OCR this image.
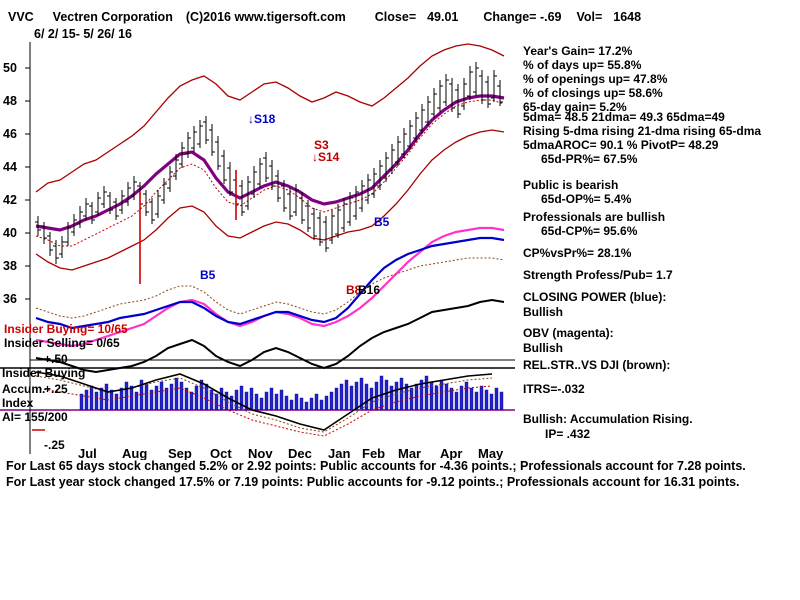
VVC Vectren Corporation (C)2016 www.tigersoft.com Close= 49.01 Change= -.69 Vol= 1648
6/ 2/ 15- 5/ 26/ 16
50
48
46
44
42
40
38
36
Jul Aug Sep Oct Nov Dec Jan Feb Mar Apr May
Insider Buying= 10/65
Insider Selling= 0/65
+.50
Insider Buying
Accum.
+.25
Index
AI= 155/200
-.25
↓S18
S3
↓S14
B5
B5
B8
B16
Year's Gain= 17.2%
% of days up= 55.8%
% of openings up= 47.8%
% of closings up= 58.6%
65-day gain= 5.2%
5dma= 48.5 21dma= 49.3 65dma=49
Rising 5-dma rising 21-dma rising 65-dma
5dmaAROC= 90.1 % PivotP= 48.29
65d-PR%= 67.5%
Public is bearish
65d-OP%= 5.4%
Professionals are bullish
65d-CP%= 95.6%
CP%vsPr%= 28.1%
Strength Profess/Pub= 1.7
CLOSING POWER (blue):
Bullish
OBV (magenta):
Bullish
REL.STR..VS DJI (brown):
ITRS=-.032
Bullish: Accumulation Rising.
IP= .432
For Last 65 days stock changed 5.2% or 2.92 points: Public accounts for -4.36 points.; Professionals account for 7.28 points.
For Last year stock changed 17.5% or 7.19 points: Public accounts for -9.12 points.; Professionals account for 16.31 points.
